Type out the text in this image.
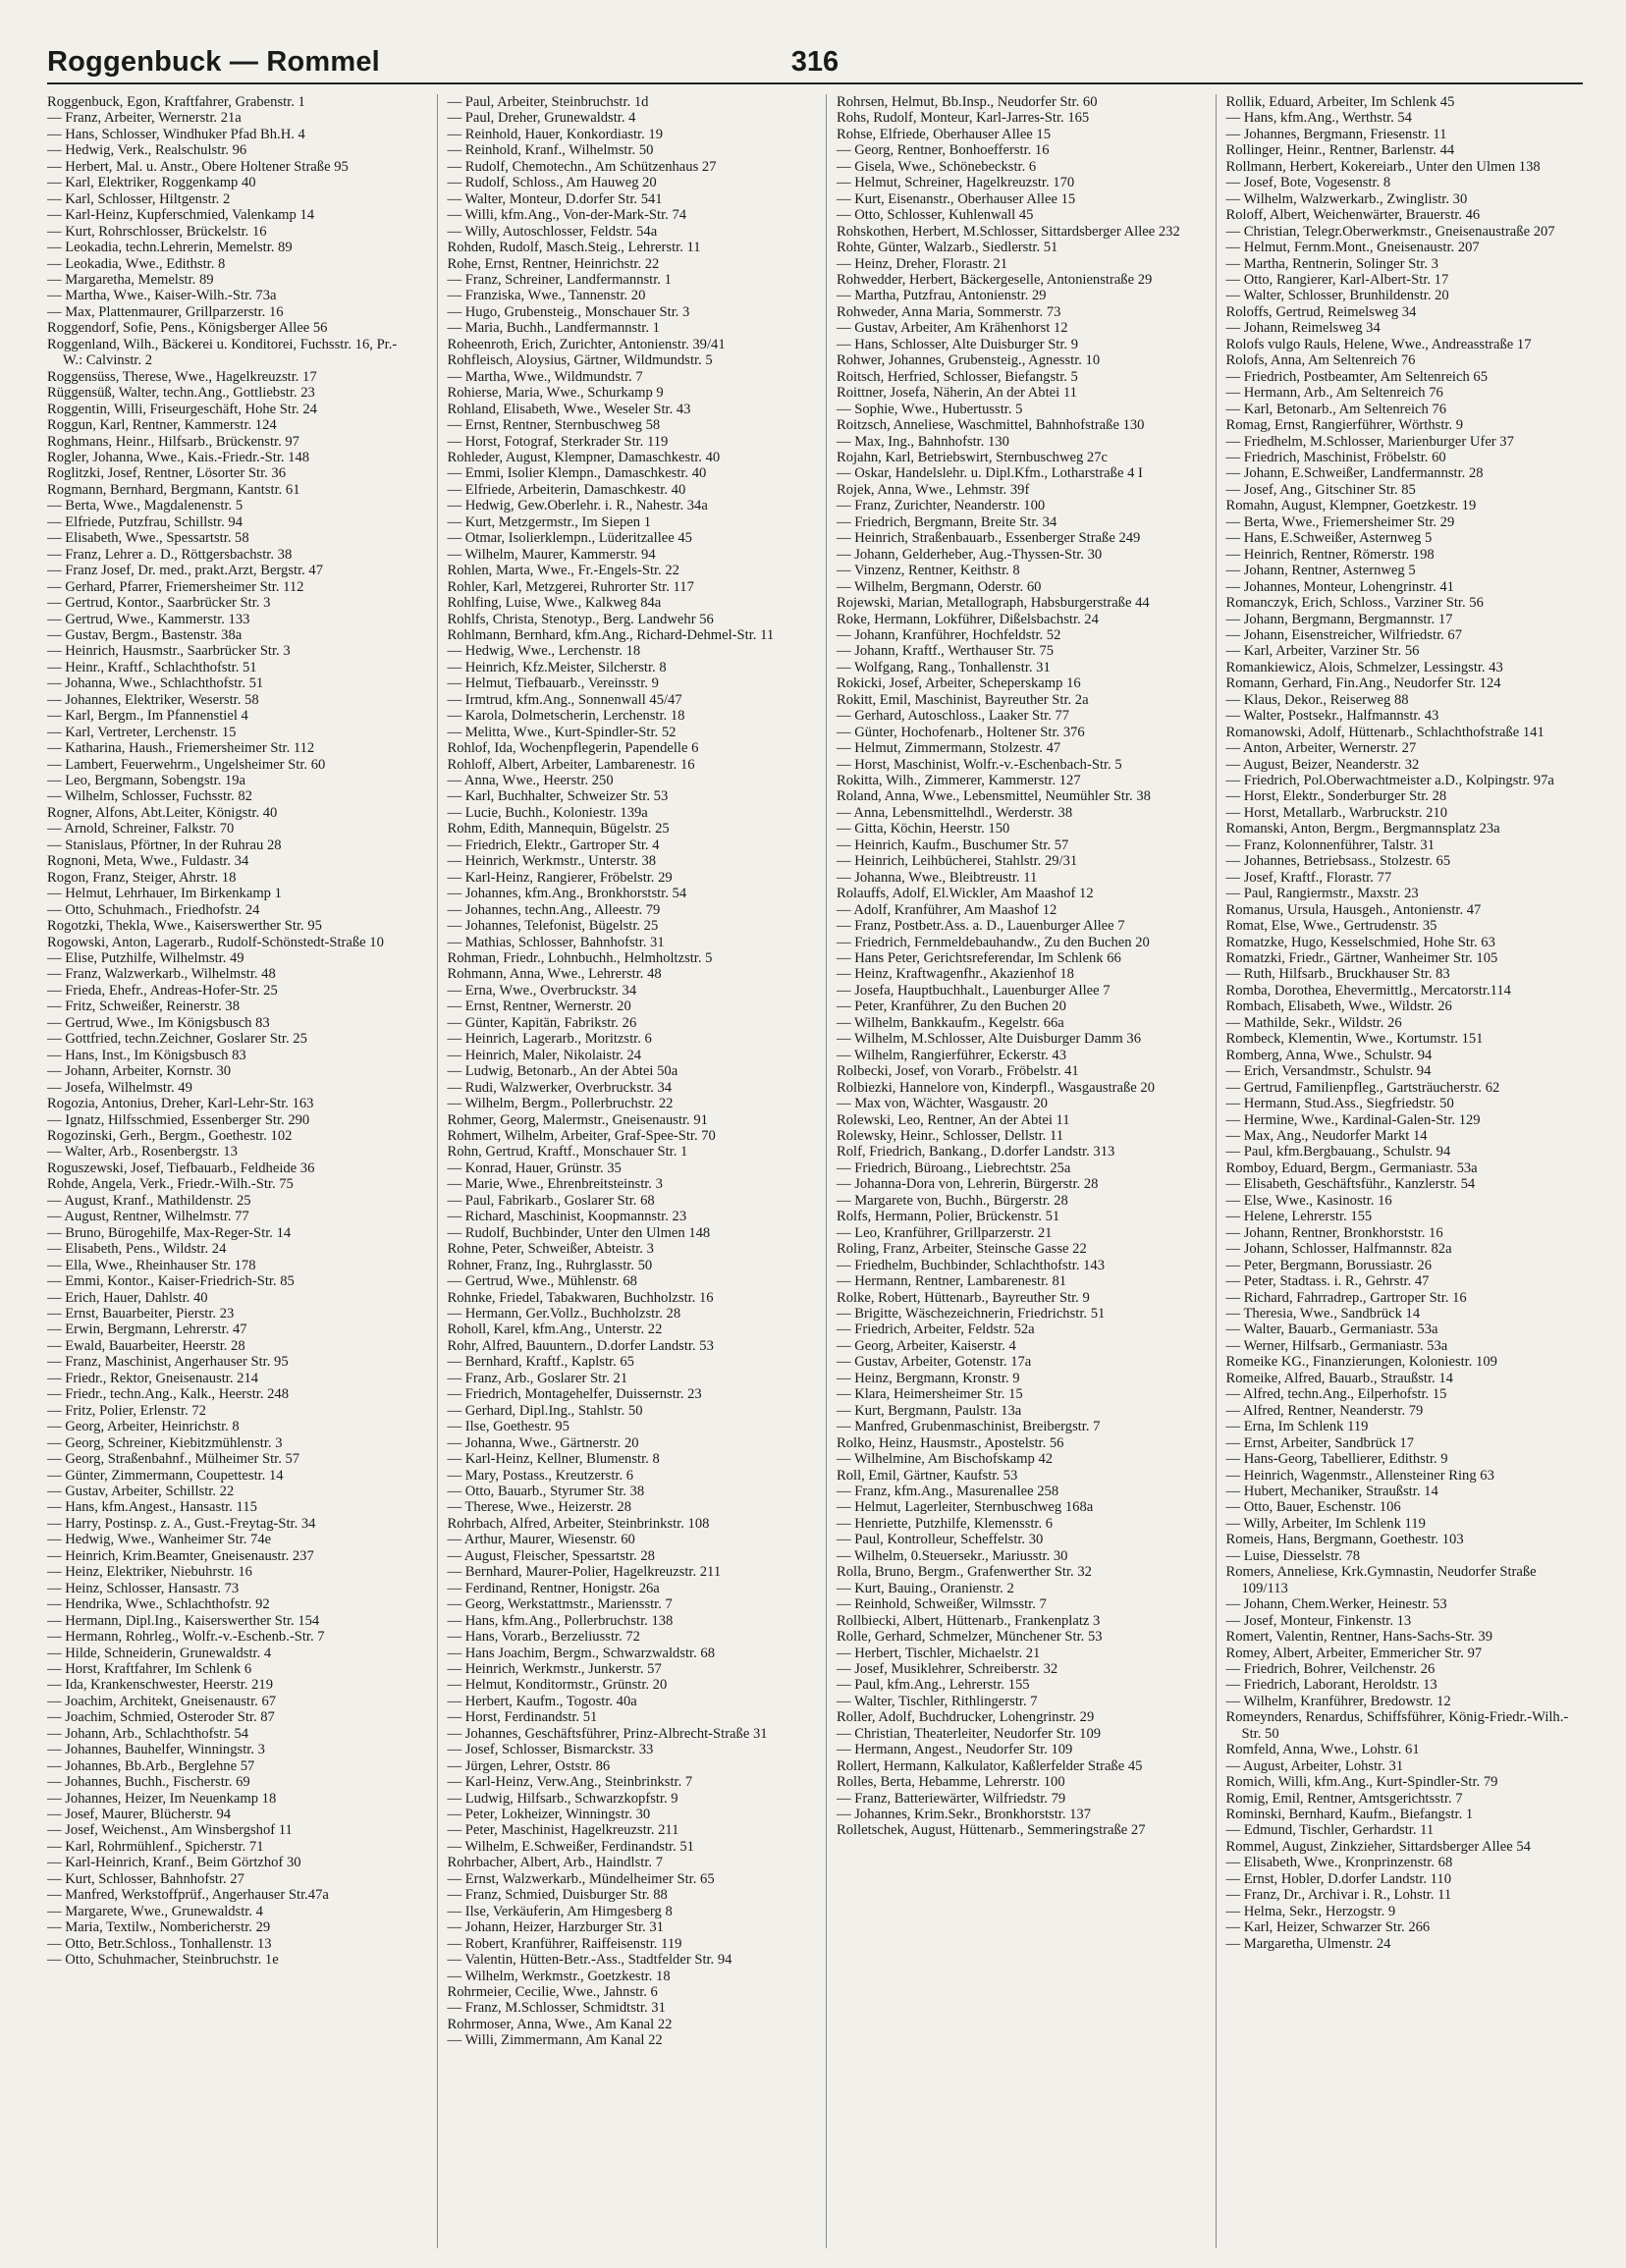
Roggenbuck — Rommel	316
Roggenbuck, Egon, Kraftfahrer, Grabenstr. 1
— Franz, Arbeiter, Wernerstr. 21a
— Hans, Schlosser, Windhuker Pfad Bh.H. 4
— Hedwig, Verk., Realschulstr. 96
— Herbert, Mal. u. Anstr., Obere Holtener Straße 95
— Karl, Elektriker, Roggenkamp 40
— Karl, Schlosser, Hiltgenstr. 2
— Karl-Heinz, Kupferschmied, Valenkamp 14
— Kurt, Rohrschlosser, Brückelstr. 16
— Leokadia, techn.Lehrerin, Memelstr. 89
— Leokadia, Wwe., Edithstr. 8
— Margaretha, Memelstr. 89
— Martha, Wwe., Kaiser-Wilh.-Str. 73a
— Max, Plattenmaurer, Grillparzerstr. 16
Roggendorf, Sofie, Pens., Königsberger Allee 56
Roggenland, Wilh., Bäckerei u. Konditorei, Fuchsstr. 16, Pr.-W.: Calvinstr. 2
Roggensüss, Therese, Wwe., Hagelkreuzstr. 17
Rüggensüß, Walter, techn.Ang., Gottliebstr. 23
Roggentin, Willi, Friseurgeschäft, Hohe Str. 24
Roggun, Karl, Rentner, Kammerstr. 124
Roghmans, Heinr., Hilfsarb., Brückenstr. 97
Rogler, Johanna, Wwe., Kais.-Friedr.-Str. 148
Roglitzki, Josef, Rentner, Lösorter Str. 36
Rogmann, Bernhard, Bergmann, Kantstr. 61
— Berta, Wwe., Magdalenenstr. 5
— Elfriede, Putzfrau, Schillstr. 94
— Elisabeth, Wwe., Spessartstr. 58
— Franz, Lehrer a. D., Röttgersbachstr. 38
— Franz Josef, Dr. med., prakt.Arzt, Bergstr. 47
— Gerhard, Pfarrer, Friemersheimer Str. 112
— Gertrud, Kontor., Saarbrücker Str. 3
— Gertrud, Wwe., Kammerstr. 133
— Gustav, Bergm., Bastenstr. 38a
— Heinrich, Hausmstr., Saarbrücker Str. 3
— Heinr., Kraftf., Schlachthofstr. 51
— Johanna, Wwe., Schlachthofstr. 51
— Johannes, Elektriker, Weserstr. 58
— Karl, Bergm., Im Pfannenstiel 4
— Karl, Vertreter, Lerchenstr. 15
— Katharina, Haush., Friemersheimer Str. 112
— Lambert, Feuerwehrm., Ungelsheimer Str. 60
— Leo, Bergmann, Sobengstr. 19a
— Wilhelm, Schlosser, Fuchsstr. 82
Rogner, Alfons, Abt.Leiter, Königstr. 40
— Arnold, Schreiner, Falkstr. 70
— Stanislaus, Pförtner, In der Ruhrau 28
Rognoni, Meta, Wwe., Fuldastr. 34
Rogon, Franz, Steiger, Ahrstr. 18
— Helmut, Lehrhauer, Im Birkenkamp 1
— Otto, Schuhmach., Friedhofstr. 24
Rogotzki, Thekla, Wwe., Kaiserswerther Str. 95
Rogowski, Anton, Lagerarb., Rudolf-Schönstedt-Straße 10
— Elise, Putzhilfe, Wilhelmstr. 49
— Franz, Walzwerkarb., Wilhelmstr. 48
— Frieda, Ehefr., Andreas-Hofer-Str. 25
— Fritz, Schweißer, Reinerstr. 38
— Gertrud, Wwe., Im Königsbusch 83
— Gottfried, techn.Zeichner, Goslarer Str. 25
— Hans, Inst., Im Königsbusch 83
— Johann, Arbeiter, Kornstr. 30
— Josefa, Wilhelmstr. 49
Rogozia, Antonius, Dreher, Karl-Lehr-Str. 163
— Ignatz, Hilfsschmied, Essenberger Str. 290
Rogozinski, Gerh., Bergm., Goethestr. 102
— Walter, Arb., Rosenbergstr. 13
Roguszewski, Josef, Tiefbauarb., Feldheide 36
Rohde, Angela, Verk., Friedr.-Wilh.-Str. 75
— August, Kranf., Mathildenstr. 25
— August, Rentner, Wilhelmstr. 77
— Bruno, Bürogehilfe, Max-Reger-Str. 14
— Elisabeth, Pens., Wildstr. 24
— Ella, Wwe., Rheinhauser Str. 178
— Emmi, Kontor., Kaiser-Friedrich-Str. 85
— Erich, Hauer, Dahlstr. 40
— Ernst, Bauarbeiter, Pierstr. 23
— Erwin, Bergmann, Lehrerstr. 47
— Ewald, Bauarbeiter, Heerstr. 28
— Franz, Maschinist, Angerhauser Str. 95
— Friedr., Rektor, Gneisenaustr. 214
— Friedr., techn.Ang., Kalk., Heerstr. 248
— Fritz, Polier, Erlenstr. 72
— Georg, Arbeiter, Heinrichstr. 8
— Georg, Schreiner, Kiebitzmühlenstr. 3
— Georg, Straßenbahnf., Mülheimer Str. 57
— Günter, Zimmermann, Coupettestr. 14
— Gustav, Arbeiter, Schillstr. 22
— Hans, kfm.Angest., Hansastr. 115
— Harry, Postinsp. z. A., Gust.-Freytag-Str. 34
— Hedwig, Wwe., Wanheimer Str. 74e
— Heinrich, Krim.Beamter, Gneisenaustr. 237
— Heinz, Elektriker, Niebuhrstr. 16
— Heinz, Schlosser, Hansastr. 73
— Hendrika, Wwe., Schlachthofstr. 92
— Hermann, Dipl.Ing., Kaiserswerther Str. 154
— Hermann, Rohrleg., Wolfr.-v.-Eschenb.-Str. 7
— Hilde, Schneiderin, Grunewaldstr. 4
— Horst, Kraftfahrer, Im Schlenk 6
— Ida, Krankenschwester, Heerstr. 219
— Joachim, Architekt, Gneisenaustr. 67
— Joachim, Schmied, Osteroder Str. 87
— Johann, Arb., Schlachthofstr. 54
— Johannes, Bauhelfer, Winningstr. 3
— Johannes, Bb.Arb., Berglehne 57
— Johannes, Buchh., Fischerstr. 69
— Johannes, Heizer, Im Neuenkamp 18
— Josef, Maurer, Blücherstr. 94
— Josef, Weichenst., Am Winsbergshof 11
— Karl, Rohrmühlenf., Spicherstr. 71
— Karl-Heinrich, Kranf., Beim Görtzhof 30
— Kurt, Schlosser, Bahnhofstr. 27
— Manfred, Werkstoffprüf., Angerhauser Str.47a
— Margarete, Wwe., Grunewaldstr. 4
— Maria, Textilw., Nombericherstr. 29
— Otto, Betr.Schloss., Tonhallenstr. 13
— Otto, Schuhmacher, Steinbruchstr. 1e
— Paul, Arbeiter, Steinbruchstr. 1d
— Paul, Dreher, Grunewaldstr. 4
— Reinhold, Hauer, Konkordiastr. 19
— Reinhold, Kranf., Wilhelmstr. 50
— Rudolf, Chemotechn., Am Schützenhaus 27
— Rudolf, Schloss., Am Hauweg 20
— Walter, Monteur, D.dorfer Str. 541
— Willi, kfm.Ang., Von-der-Mark-Str. 74
— Willy, Autoschlosser, Feldstr. 54a
Rohden, Rudolf, Masch.Steig., Lehrerstr. 11
Rohe, Ernst, Rentner, Heinrichstr. 22
— Franz, Schreiner, Landfermannstr. 1
— Franziska, Wwe., Tannenstr. 20
— Hugo, Grubensteig., Monschauer Str. 3
— Maria, Buchh., Landfermannstr. 1
Roheenroth, Erich, Zurichter, Antonienstr. 39/41
Rohfleisch, Aloysius, Gärtner, Wildmundstr. 5
— Martha, Wwe., Wildmundstr. 7
Rohierse, Maria, Wwe., Schurkamp 9
Rohland, Elisabeth, Wwe., Weseler Str. 43
— Ernst, Rentner, Sternbuschweg 58
— Horst, Fotograf, Sterkrader Str. 119
Rohleder, August, Klempner, Damaschkestr. 40
— Emmi, Isolier Klempn., Damaschkestr. 40
— Elfriede, Arbeiterin, Damaschkestr. 40
— Hedwig, Gew.Oberlehr. i. R., Nahestr. 34a
— Kurt, Metzgermstr., Im Siepen 1
— Otmar, Isolierklempn., Lüderitzallee 45
— Wilhelm, Maurer, Kammerstr. 94
Rohlen, Marta, Wwe., Fr.-Engels-Str. 22
Rohler, Karl, Metzgerei, Ruhrorter Str. 117
Rohlfing, Luise, Wwe., Kalkweg 84a
Rohlfs, Christa, Stenotyp., Berg. Landwehr 56
Rohlmann, Bernhard, kfm.Ang., Richard-Dehmel-Str. 11
— Hedwig, Wwe., Lerchenstr. 18
— Heinrich, Kfz.Meister, Silcherstr. 8
— Helmut, Tiefbauarb., Vereinsstr. 9
— Irmtrud, kfm.Ang., Sonnenwall 45/47
— Karola, Dolmetscherin, Lerchenstr. 18
— Melitta, Wwe., Kurt-Spindler-Str. 52
Rohlof, Ida, Wochenpflegerin, Papendelle 6
Rohloff, Albert, Arbeiter, Lambarenestr. 16
— Anna, Wwe., Heerstr. 250
— Karl, Buchhalter, Schweizer Str. 53
— Lucie, Buchh., Koloniestr. 139a
Rohm, Edith, Mannequin, Bügelstr. 25
— Friedrich, Elektr., Gartroper Str. 4
— Heinrich, Werkmstr., Unterstr. 38
— Karl-Heinz, Rangierer, Fröbelstr. 29
— Johannes, kfm.Ang., Bronkhorststr. 54
— Johannes, techn.Ang., Alleestr. 79
— Johannes, Telefonist, Bügelstr. 25
— Mathias, Schlosser, Bahnhofstr. 31
Rohman, Friedr., Lohnbuchh., Helmholtzstr. 5
Rohmann, Anna, Wwe., Lehrerstr. 48
— Erna, Wwe., Overbruckstr. 34
— Ernst, Rentner, Wernerstr. 20
— Günter, Kapitän, Fabrikstr. 26
— Heinrich, Lagerarb., Moritzstr. 6
— Heinrich, Maler, Nikolaistr. 24
— Ludwig, Betonarb., An der Abtei 50a
— Rudi, Walzwerker, Overbruckstr. 34
— Wilhelm, Bergm., Pollerbruchstr. 22
Rohmer, Georg, Malermstr., Gneisenaustr. 91
Rohmert, Wilhelm, Arbeiter, Graf-Spee-Str. 70
Rohn, Gertrud, Kraftf., Monschauer Str. 1
— Konrad, Hauer, Grünstr. 35
— Marie, Wwe., Ehrenbreitsteinstr. 3
— Paul, Fabrikarb., Goslarer Str. 68
— Richard, Maschinist, Koopmannstr. 23
— Rudolf, Buchbinder, Unter den Ulmen 148
Rohne, Peter, Schweißer, Abteistr. 3
Rohner, Franz, Ing., Ruhrglasstr. 50
— Gertrud, Wwe., Mühlenstr. 68
Rohnke, Friedel, Tabakwaren, Buchholzstr. 16
— Hermann, Ger.Vollz., Buchholzstr. 28
Roholl, Karel, kfm.Ang., Unterstr. 22
Rohr, Alfred, Bauuntern., D.dorfer Landstr. 53
— Bernhard, Kraftf., Kaplstr. 65
— Franz, Arb., Goslarer Str. 21
— Friedrich, Montagehelfer, Duissernstr. 23
— Gerhard, Dipl.Ing., Stahlstr. 50
— Ilse, Goethestr. 95
— Johanna, Wwe., Gärtnerstr. 20
— Karl-Heinz, Kellner, Blumenstr. 8
— Mary, Postass., Kreutzerstr. 6
— Otto, Bauarb., Styrumer Str. 38
— Therese, Wwe., Heizerstr. 28
Rohrbach, Alfred, Arbeiter, Steinbrinkstr. 108
— Arthur, Maurer, Wiesenstr. 60
— August, Fleischer, Spessartstr. 28
— Bernhard, Maurer-Polier, Hagelkreuzstr. 211
— Ferdinand, Rentner, Honigstr. 26a
— Georg, Werkstattmstr., Mariensstr. 7
— Hans, kfm.Ang., Pollerbruchstr. 138
— Hans, Vorarb., Berzeliusstr. 72
— Hans Joachim, Bergm., Schwarzwaldstr. 68
— Heinrich, Werkmstr., Junkerstr. 57
— Helmut, Konditormstr., Grünstr. 20
— Herbert, Kaufm., Togostr. 40a
— Horst, Ferdinandstr. 51
— Johannes, Geschäftsführer, Prinz-Albrecht-Straße 31
— Josef, Schlosser, Bismarckstr. 33
— Jürgen, Lehrer, Oststr. 86
— Karl-Heinz, Verw.Ang., Steinbrinkstr. 7
— Ludwig, Hilfsarb., Schwarzkopfstr. 9
— Peter, Lokheizer, Winningstr. 30
— Peter, Maschinist, Hagelkreuzstr. 211
— Wilhelm, E.Schweißer, Ferdinandstr. 51
Rohrbacher, Albert, Arb., Haindlstr. 7
— Ernst, Walzwerkarb., Mündelheimer Str. 65
— Franz, Schmied, Duisburger Str. 88
— Ilse, Verkäuferin, Am Himgesberg 8
— Johann, Heizer, Harzburger Str. 31
— Robert, Kranführer, Raiffeisenstr. 119
— Valentin, Hütten-Betr.-Ass., Stadtfelder Str. 94
— Wilhelm, Werkmstr., Goetzkestr. 18
Rohrmeier, Cecilie, Wwe., Jahnstr. 6
— Franz, M.Schlosser, Schmidtstr. 31
Rohrmoser, Anna, Wwe., Am Kanal 22
— Willi, Zimmermann, Am Kanal 22
Rohrsen, Helmut, Bb.Insp., Neudorfer Str. 60
Rohs, Rudolf, Monteur, Karl-Jarres-Str. 165
Rohse, Elfriede, Oberhauser Allee 15
— Georg, Rentner, Bonhoefferstr. 16
— Gisela, Wwe., Schönebeckstr. 6
— Helmut, Schreiner, Hagelkreuzstr. 170
— Kurt, Eisenanstr., Oberhauser Allee 15
— Otto, Schlosser, Kuhlenwall 45
Rohskothen, Herbert, M.Schlosser, Sittardsberger Allee 232
Rohte, Günter, Walzarb., Siedlerstr. 51
— Heinz, Dreher, Florastr. 21
Rohwedder, Herbert, Bäckergeselle, Antonienstraße 29
— Martha, Putzfrau, Antonienstr. 29
Rohweder, Anna Maria, Sommerstr. 73
— Gustav, Arbeiter, Am Krähenhorst 12
— Hans, Schlosser, Alte Duisburger Str. 9
Rohwer, Johannes, Grubensteig., Agnesstr. 10
Roitsch, Herfried, Schlosser, Biefangstr. 5
Roittner, Josefa, Näherin, An der Abtei 11
— Sophie, Wwe., Hubertusstr. 5
Roitzsch, Anneliese, Waschmittel, Bahnhofstraße 130
— Max, Ing., Bahnhofstr. 130
Rojahn, Karl, Betriebswirt, Sternbuschweg 27c
— Oskar, Handelslehr. u. Dipl.Kfm., Lotharstraße 4 I
Rojek, Anna, Wwe., Lehmstr. 39f
— Franz, Zurichter, Neanderstr. 100
— Friedrich, Bergmann, Breite Str. 34
— Heinrich, Straßenbauarb., Essenberger Straße 249
— Johann, Gelderheber, Aug.-Thyssen-Str. 30
— Vinzenz, Rentner, Keithstr. 8
— Wilhelm, Bergmann, Oderstr. 60
Rojewski, Marian, Metallograph, Habsburgerstraße 44
Roke, Hermann, Lokführer, Dißelsbachstr. 24
— Johann, Kranführer, Hochfeldstr. 52
— Johann, Kraftf., Werthauser Str. 75
— Wolfgang, Rang., Tonhallenstr. 31
Rokicki, Josef, Arbeiter, Scheperskamp 16
Rokitt, Emil, Maschinist, Bayreuther Str. 2a
— Gerhard, Autoschloss., Laaker Str. 77
— Günter, Hochofenarb., Holtener Str. 376
— Helmut, Zimmermann, Stolzestr. 47
— Horst, Maschinist, Wolfr.-v.-Eschenbach-Str. 5
Rokitta, Wilh., Zimmerer, Kammerstr. 127
Roland, Anna, Wwe., Lebensmittel, Neumühler Str. 38
— Anna, Lebensmittelhdl., Werderstr. 38
— Gitta, Köchin, Heerstr. 150
— Heinrich, Kaufm., Buschumer Str. 57
— Heinrich, Leihbücherei, Stahlstr. 29/31
— Johanna, Wwe., Bleibtreustr. 11
Rolauffs, Adolf, El.Wickler, Am Maashof 12
— Adolf, Kranführer, Am Maashof 12
— Franz, Postbetr.Ass. a. D., Lauenburger Allee 7
— Friedrich, Fernmeldebauhandw., Zu den Buchen 20
— Hans Peter, Gerichtsreferendar, Im Schlenk 66
— Heinz, Kraftwagenfhr., Akazienhof 18
— Josefa, Hauptbuchhalt., Lauenburger Allee 7
— Peter, Kranführer, Zu den Buchen 20
— Wilhelm, Bankkaufm., Kegelstr. 66a
— Wilhelm, M.Schlosser, Alte Duisburger Damm 36
— Wilhelm, Rangierführer, Eckerstr. 43
Rolbecki, Josef, von Vorarb., Fröbelstr. 41
Rolbiezki, Hannelore von, Kinderpfl., Wasgaustraße 20
— Max von, Wächter, Wasgaustr. 20
Rolewski, Leo, Rentner, An der Abtei 11
Rolewsky, Heinr., Schlosser, Dellstr. 11
Rolf, Friedrich, Bankang., D.dorfer Landstr. 313
— Friedrich, Büroang., Liebrechtstr. 25a
— Johanna-Dora von, Lehrerin, Bürgerstr. 28
— Margarete von, Buchh., Bürgerstr. 28
Rolfs, Hermann, Polier, Brückenstr. 51
— Leo, Kranführer, Grillparzerstr. 21
Roling, Franz, Arbeiter, Steinsche Gasse 22
— Friedhelm, Buchbinder, Schlachthofstr. 143
— Hermann, Rentner, Lambarenestr. 81
Rolke, Robert, Hüttenarb., Bayreuther Str. 9
— Brigitte, Wäschezeichnerin, Friedrichstr. 51
— Friedrich, Arbeiter, Feldstr. 52a
— Georg, Arbeiter, Kaiserstr. 4
— Gustav, Arbeiter, Gotenstr. 17a
— Heinz, Bergmann, Kronstr. 9
— Klara, Heimersheimer Str. 15
— Kurt, Bergmann, Paulstr. 13a
— Manfred, Grubenmaschinist, Breibergstr. 7
Rolko, Heinz, Hausmstr., Apostelstr. 56
— Wilhelmine, Am Bischofskamp 42
Roll, Emil, Gärtner, Kaufstr. 53
— Franz, kfm.Ang., Masurenallee 258
— Helmut, Lagerleiter, Sternbuschweg 168a
— Henriette, Putzhilfe, Klemensstr. 6
— Paul, Kontrolleur, Scheffelstr. 30
— Wilhelm, 0.Steuersekr., Mariusstr. 30
Rolla, Bruno, Bergm., Grafenwerther Str. 32
— Kurt, Bauing., Oranienstr. 2
— Reinhold, Schweißer, Wilmsstr. 7
Rollbiecki, Albert, Hüttenarb., Frankenplatz 3
Rolle, Gerhard, Schmelzer, Münchener Str. 53
— Herbert, Tischler, Michaelstr. 21
— Josef, Musiklehrer, Schreiberstr. 32
— Paul, kfm.Ang., Lehrerstr. 155
— Walter, Tischler, Rithlingerstr. 7
Roller, Adolf, Buchdrucker, Lohengrinstr. 29
— Christian, Theaterleiter, Neudorfer Str. 109
— Hermann, Angest., Neudorfer Str. 109
Rollert, Hermann, Kalkulator, Kaßlerfelder Straße 45
Rolles, Berta, Hebamme, Lehrerstr. 100
— Franz, Batteriewärter, Wilfriedstr. 79
— Johannes, Krim.Sekr., Bronkhorststr. 137
Rolletschek, August, Hüttenarb., Semmeringstraße 27
Rollik, Eduard, Arbeiter, Im Schlenk 45
— Hans, kfm.Ang., Werthstr. 54
— Johannes, Bergmann, Friesenstr. 11
Rollinger, Heinr., Rentner, Barlenstr. 44
Rollmann, Herbert, Kokereiarb., Unter den Ulmen 138
— Josef, Bote, Vogesenstr. 8
— Wilhelm, Walzwerkarb., Zwinglistr. 30
Roloff, Albert, Weichenwärter, Brauerstr. 46
— Christian, Telegr.Oberwerkmstr., Gneisenaustraße 207
— Helmut, Fernm.Mont., Gneisenaustr. 207
— Martha, Rentnerin, Solinger Str. 3
— Otto, Rangierer, Karl-Albert-Str. 17
— Walter, Schlosser, Brunhildenstr. 20
Roloffs, Gertrud, Reimelsweg 34
— Johann, Reimelsweg 34
Rolofs vulgo Rauls, Helene, Wwe., Andreasstraße 17
Rolofs, Anna, Am Seltenreich 76
— Friedrich, Postbeamter, Am Seltenreich 65
— Hermann, Arb., Am Seltenreich 76
— Karl, Betonarb., Am Seltenreich 76
Romag, Ernst, Rangierführer, Wörthstr. 9
— Friedhelm, M.Schlosser, Marienburger Ufer 37
— Friedrich, Maschinist, Fröbelstr. 60
— Johann, E.Schweißer, Landfermannstr. 28
— Josef, Ang., Gitschiner Str. 85
Romahn, August, Klempner, Goetzkestr. 19
— Berta, Wwe., Friemersheimer Str. 29
— Hans, E.Schweißer, Asternweg 5
— Heinrich, Rentner, Römerstr. 198
— Johann, Rentner, Asternweg 5
— Johannes, Monteur, Lohengrinstr. 41
Romanczyk, Erich, Schloss., Varziner Str. 56
— Johann, Bergmann, Bergmannstr. 17
— Johann, Eisenstreicher, Wilfriedstr. 67
— Karl, Arbeiter, Varziner Str. 56
Romankiewicz, Alois, Schmelzer, Lessingstr. 43
Romann, Gerhard, Fin.Ang., Neudorfer Str. 124
— Klaus, Dekor., Reiserweg 88
— Walter, Postsekr., Halfmannstr. 43
Romanowski, Adolf, Hüttenarb., Schlachthofstraße 141
— Anton, Arbeiter, Wernerstr. 27
— August, Beizer, Neanderstr. 32
— Friedrich, Pol.Oberwachtmeister a.D., Kolpingstr. 97a
— Horst, Elektr., Sonderburger Str. 28
— Horst, Metallarb., Warbruckstr. 210
Romanski, Anton, Bergm., Bergmannsplatz 23a
— Franz, Kolonnenführer, Talstr. 31
— Johannes, Betriebsass., Stolzestr. 65
— Josef, Kraftf., Florastr. 77
— Paul, Rangiermstr., Maxstr. 23
Romanus, Ursula, Hausgeh., Antonienstr. 47
Romat, Else, Wwe., Gertrudenstr. 35
Romatzke, Hugo, Kesselschmied, Hohe Str. 63
Romatzki, Friedr., Gärtner, Wanheimer Str. 105
— Ruth, Hilfsarb., Bruckhauser Str. 83
Romba, Dorothea, Ehevermittlg., Mercatorstr.114
Rombach, Elisabeth, Wwe., Wildstr. 26
— Mathilde, Sekr., Wildstr. 26
Rombeck, Klementin, Wwe., Kortumstr. 151
Romberg, Anna, Wwe., Schulstr. 94
— Erich, Versandmstr., Schulstr. 94
— Gertrud, Familienpfleg., Gartsträucherstr. 62
— Hermann, Stud.Ass., Siegfriedstr. 50
— Hermine, Wwe., Kardinal-Galen-Str. 129
— Max, Ang., Neudorfer Markt 14
— Paul, kfm.Bergbauang., Schulstr. 94
Romboy, Eduard, Bergm., Germaniastr. 53a
— Elisabeth, Geschäftsführ., Kanzlerstr. 54
— Else, Wwe., Kasinostr. 16
— Helene, Lehrerstr. 155
— Johann, Rentner, Bronkhorststr. 16
— Johann, Schlosser, Halfmannstr. 82a
— Peter, Bergmann, Borussiastr. 26
— Peter, Stadtass. i. R., Gehrstr. 47
— Richard, Fahrradrep., Gartroper Str. 16
— Theresia, Wwe., Sandbrück 14
— Walter, Bauarb., Germaniastr. 53a
— Werner, Hilfsarb., Germaniastr. 53a
Romeike KG., Finanzierungen, Koloniestr. 109
Romeike, Alfred, Bauarb., Straußstr. 14
— Alfred, techn.Ang., Eilperhofstr. 15
— Alfred, Rentner, Neanderstr. 79
— Erna, Im Schlenk 119
— Ernst, Arbeiter, Sandbrück 17
— Hans-Georg, Tabellierer, Edithstr. 9
— Heinrich, Wagenmstr., Allensteiner Ring 63
— Hubert, Mechaniker, Straußstr. 14
— Otto, Bauer, Eschenstr. 106
— Willy, Arbeiter, Im Schlenk 119
Romeis, Hans, Bergmann, Goethestr. 103
— Luise, Diesselstr. 78
Romers, Anneliese, Krk.Gymnastin, Neudorfer Straße 109/113
— Johann, Chem.Werker, Heinestr. 53
— Josef, Monteur, Finkenstr. 13
Romert, Valentin, Rentner, Hans-Sachs-Str. 39
Romey, Albert, Arbeiter, Emmericher Str. 97
— Friedrich, Bohrer, Veilchenstr. 26
— Friedrich, Laborant, Heroldstr. 13
— Wilhelm, Kranführer, Bredowstr. 12
Romeynders, Renardus, Schiffsführer, König-Friedr.-Wilh.-Str. 50
Romfeld, Anna, Wwe., Lohstr. 61
— August, Arbeiter, Lohstr. 31
Romich, Willi, kfm.Ang., Kurt-Spindler-Str. 79
Romig, Emil, Rentner, Amtsgerichtsstr. 7
Rominski, Bernhard, Kaufm., Biefangstr. 1
— Edmund, Tischler, Gerhardstr. 11
Rommel, August, Zinkzieher, Sittardsberger Allee 54
— Elisabeth, Wwe., Kronprinzenstr. 68
— Ernst, Hobler, D.dorfer Landstr. 110
— Franz, Dr., Archivar i. R., Lohstr. 11
— Helma, Sekr., Herzogstr. 9
— Karl, Heizer, Schwarzer Str. 266
— Margaretha, Ulmenstr. 24
